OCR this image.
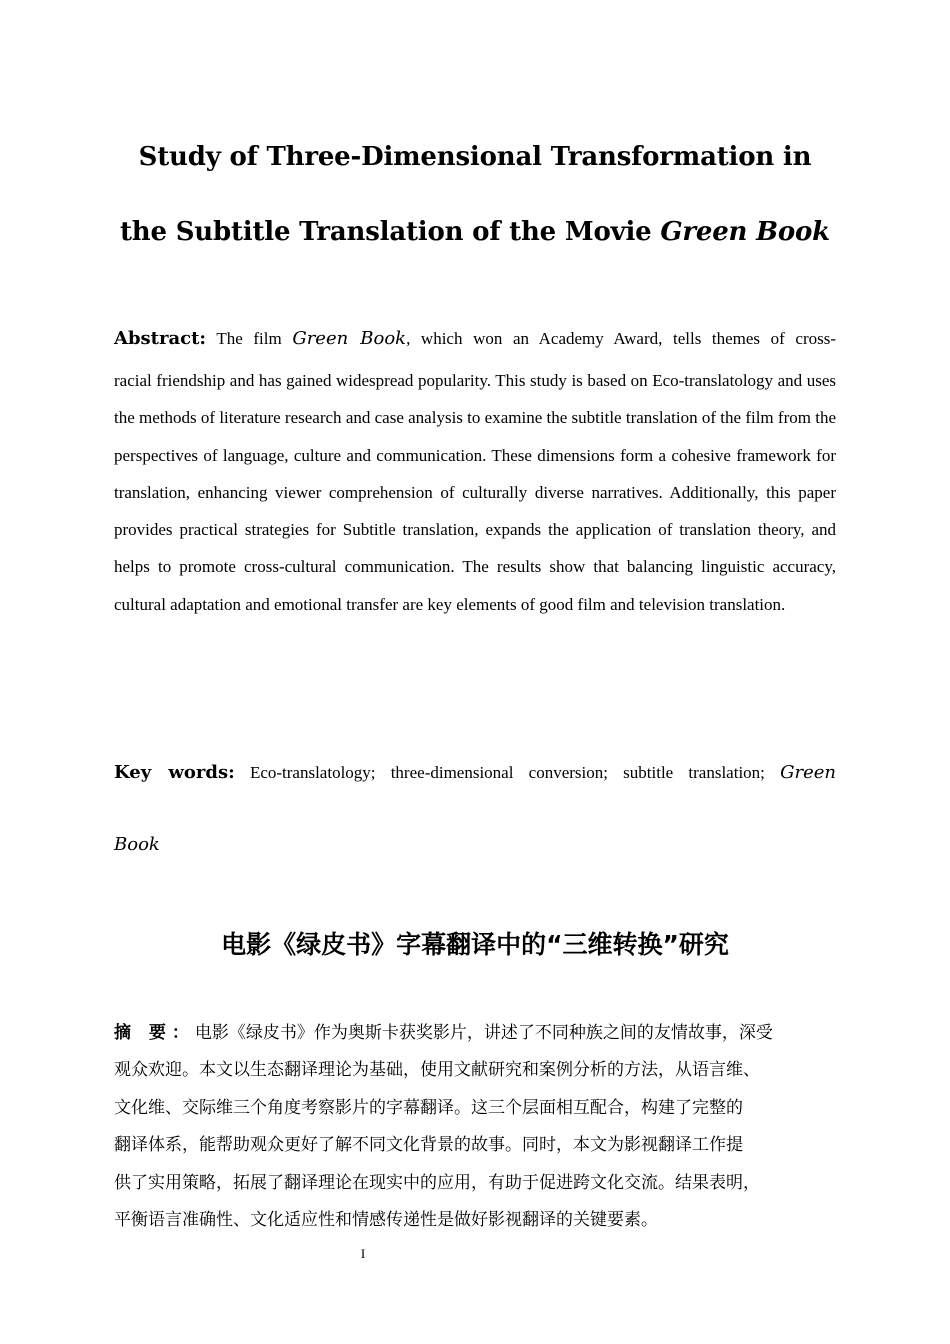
Study of Three-Dimensional Transformation in
the Subtitle Translation of the Movie Green Book
Abstract: The film Green Book, which won an Academy Award, tells themes of cross-
racial friendship and has gained widespread popularity. This study is based on Eco-translatology and uses the methods of literature research and case analysis to examine the subtitle translation of the film from the perspectives of language, culture and communication. These dimensions form a cohesive framework for translation, enhancing viewer comprehension of culturally diverse narratives. Additionally, this paper provides practical strategies for Subtitle translation, expands the application of translation theory, and helps to promote cross-cultural communication. The results show that balancing linguistic accuracy, cultural adaptation and emotional transfer are key elements of good film and television translation.
Key words: Eco-translatology; three-dimensional conversion; subtitle translation; Green
Book
电影《绿皮书》字幕翻译中的“三维转换”研究
摘 要：电影《绿皮书》作为奥斯卡获奖影片，讲述了不同种族之间的友情故事，深受
观众欢迎。本文以生态翻译理论为基础，使用文献研究和案例分析的方法，从语言维、
文化维、交际维三个角度考察影片的字幕翻译。这三个层面相互配合，构建了完整的
翻译体系，能帮助观众更好了解不同文化背景的故事。同时，本文为影视翻译工作提
供了实用策略，拓展了翻译理论在现实中的应用，有助于促进跨文化交流。结果表明，
平衡语言准确性、文化适应性和情感传递性是做好影视翻译的关键要素。
I
